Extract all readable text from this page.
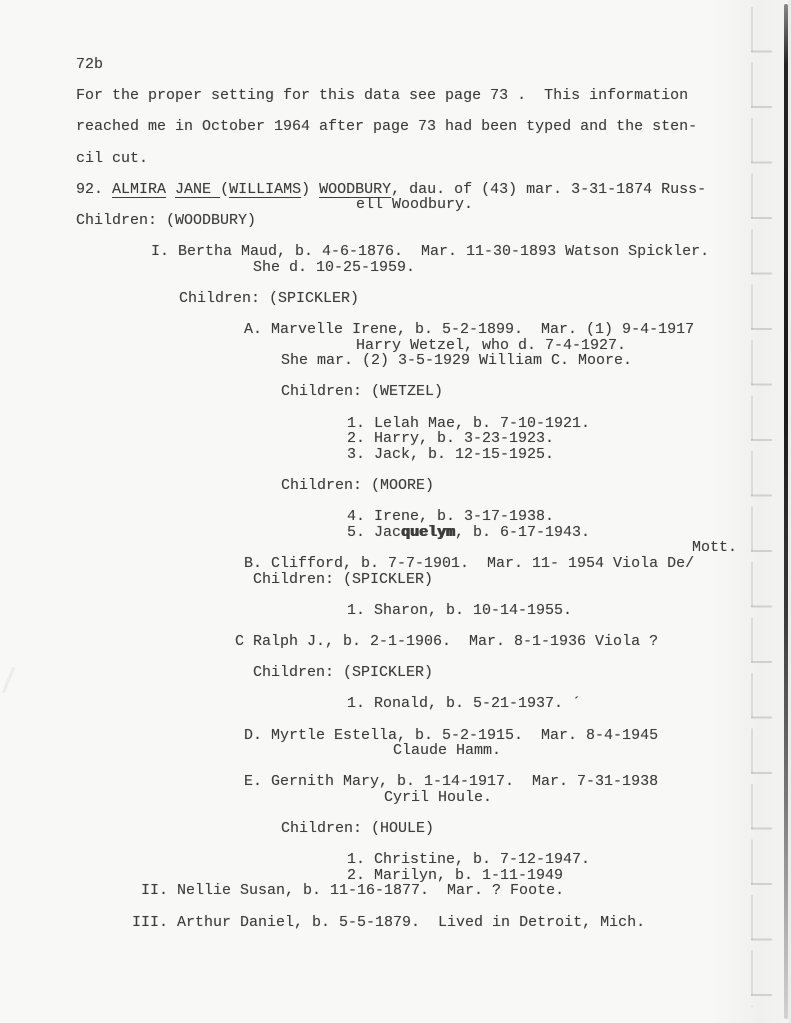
72b
For the proper setting for this data see page 73 .  This information
reached me in October 1964 after page 73 had been typed and the sten-
cil cut.
92. ALMIRA JANE (WILLIAMS) WOODBURY, dau. of (43) mar. 3-31-1874 Russ-
ell Woodbury.
Children: (WOODBURY)
I. Bertha Maud, b. 4-6-1876.  Mar. 11-30-1893 Watson Spickler.
She d. 10-25-1959.
Children: (SPICKLER)
A. Marvelle Irene, b. 5-2-1899.  Mar. (1) 9-4-1917
Harry Wetzel, who d. 7-4-1927.
She mar. (2) 3-5-1929 William C. Moore.
Children: (WETZEL)
1. Lelah Mae, b. 7-10-1921.
2. Harry, b. 3-23-1923.
3. Jack, b. 12-15-1925.
Children: (MOORE)
4. Irene, b. 3-17-1938.
5. Jacquelym, b. 6-17-1943.
Mott.
B. Clifford, b. 7-7-1901.  Mar. 11- 1954 Viola De/
Children: (SPICKLER)
1. Sharon, b. 10-14-1955.
C Ralph J., b. 2-1-1906.  Mar. 8-1-1936 Viola ?
Children: (SPICKLER)
1. Ronald, b. 5-21-1937. ´
D. Myrtle Estella, b. 5-2-1915.  Mar. 8-4-1945
Claude Hamm.
E. Gernith Mary, b. 1-14-1917.  Mar. 7-31-1938
Cyril Houle.
Children: (HOULE)
1. Christine, b. 7-12-1947.
2. Marilyn, b. 1-11-1949
II. Nellie Susan, b. 11-16-1877.  Mar. ? Foote.
III. Arthur Daniel, b. 5-5-1879.  Lived in Detroit, Mich.
